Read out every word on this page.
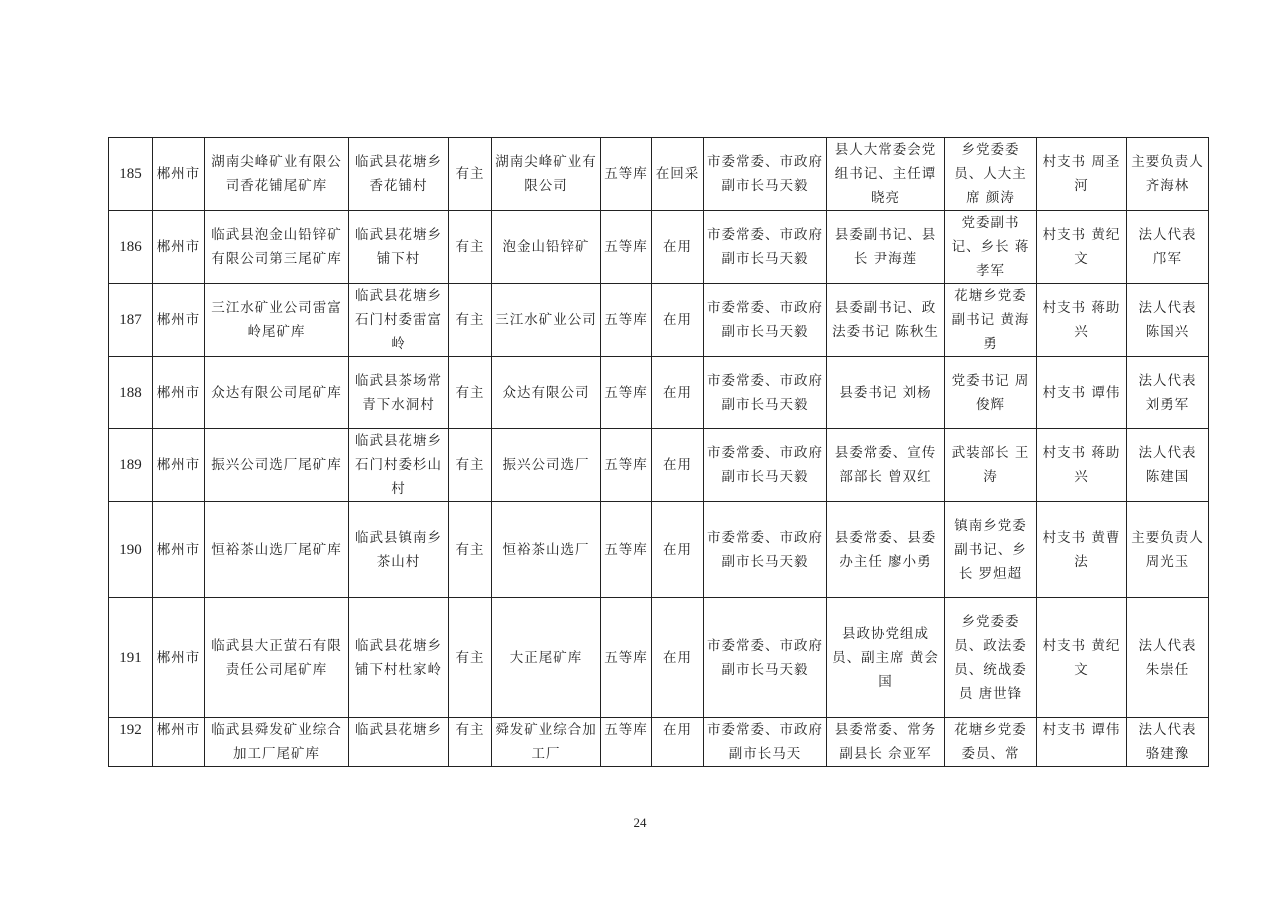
185	郴州市	湖南尖峰矿业有限公司香花铺尾矿库	临武县花塘乡香花铺村	有主	湖南尖峰矿业有限公司	五等库	在回采	市委常委、市政府副市长马天毅	县人大常委会党组书记、主任谭晓亮	乡党委委员、人大主席 颜涛	村支书 周圣河	主要负责人 齐海林
186	郴州市	临武县泡金山铅锌矿有限公司第三尾矿库	临武县花塘乡铺下村	有主	泡金山铅锌矿	五等库	在用	市委常委、市政府副市长马天毅	县委副书记、县长 尹海莲	党委副书记、乡长 蒋孝军	村支书 黄纪文	法人代表 邝军
187	郴州市	三江水矿业公司雷富岭尾矿库	临武县花塘乡石门村委雷富岭	有主	三江水矿业公司	五等库	在用	市委常委、市政府副市长马天毅	县委副书记、政法委书记 陈秋生	花塘乡党委副书记 黄海勇	村支书 蒋助兴	法人代表 陈国兴
188	郴州市	众达有限公司尾矿库	临武县茶场常青下水洞村	有主	众达有限公司	五等库	在用	市委常委、市政府副市长马天毅	县委书记 刘杨	党委书记 周俊辉	村支书 谭伟	法人代表 刘勇军
189	郴州市	振兴公司选厂尾矿库	临武县花塘乡石门村委杉山村	有主	振兴公司选厂	五等库	在用	市委常委、市政府副市长马天毅	县委常委、宣传部部长 曾双红	武装部长 王涛	村支书 蒋助兴	法人代表 陈建国
190	郴州市	恒裕茶山选厂尾矿库	临武县镇南乡茶山村	有主	恒裕茶山选厂	五等库	在用	市委常委、市政府副市长马天毅	县委常委、县委办主任 廖小勇	镇南乡党委副书记、乡长 罗炟超	村支书 黄曹法	主要负责人 周光玉
191	郴州市	临武县大正萤石有限责任公司尾矿库	临武县花塘乡铺下村杜家岭	有主	大正尾矿库	五等库	在用	市委常委、市政府副市长马天毅	县政协党组成员、副主席 黄会国	乡党委委员、政法委员、统战委员 唐世锋	村支书 黄纪文	法人代表 朱崇任
192	郴州市	临武县舜发矿业综合加工厂尾矿库	临武县花塘乡	有主	舜发矿业综合加工厂	五等库	在用	市委常委、市政府副市长马天	县委常委、常务副县长 佘亚军	花塘乡党委委员、常	村支书 谭伟	法人代表 骆建豫
24
